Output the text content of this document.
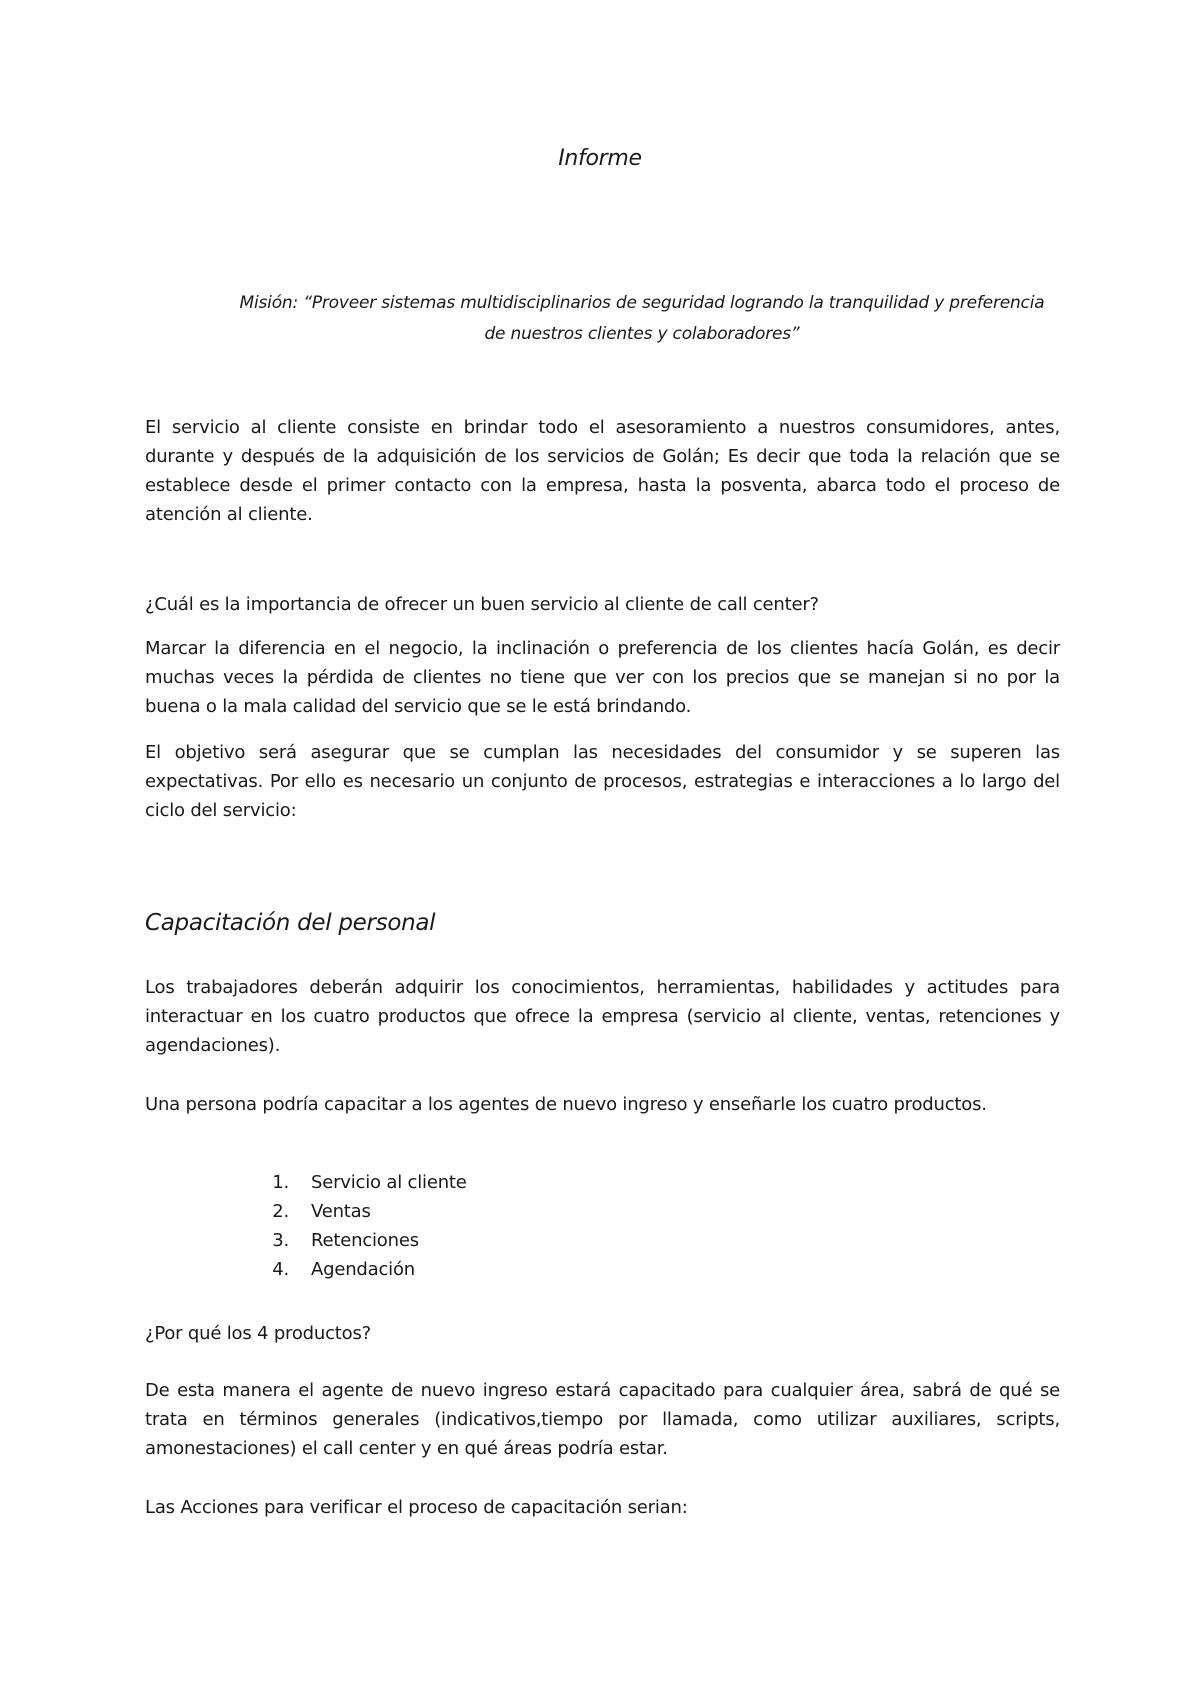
Informe
Misión: “Proveer sistemas multidisciplinarios de seguridad logrando la tranquilidad y preferencia de nuestros clientes y colaboradores”

El servicio al cliente consiste en brindar todo el asesoramiento a nuestros consumidores, antes, durante y después de la adquisición de los servicios de Golán; Es decir que toda la relación que se establece desde el primer contacto con la empresa, hasta la posventa, abarca todo el proceso de atención al cliente.

¿Cuál es la importancia de ofrecer un buen servicio al cliente de call center?

Marcar la diferencia en el negocio, la inclinación o preferencia de los clientes hacía Golán, es decir muchas veces la pérdida de clientes no tiene que ver con los precios que se manejan si no por la buena o la mala calidad del servicio que se le está brindando.

El objetivo será asegurar que se cumplan las necesidades del consumidor y se superen las expectativas. Por ello es necesario un conjunto de procesos, estrategias e interacciones a lo largo del ciclo del servicio:

Capacitación del personal

Los trabajadores deberán adquirir los conocimientos, herramientas, habilidades y actitudes para interactuar en los cuatro productos que ofrece la empresa (servicio al cliente, ventas, retenciones y agendaciones).

Una persona podría capacitar a los agentes de nuevo ingreso y enseñarle los cuatro productos.

1.	Servicio al cliente
2.	Ventas
3.	Retenciones
4.	Agendación

¿Por qué los 4 productos?

De esta manera el agente de nuevo ingreso estará capacitado para cualquier área, sabrá de qué se trata en términos generales (indicativos,tiempo por llamada, como utilizar auxiliares, scripts, amonestaciones) el call center y en qué áreas podría estar.

Las Acciones para verificar el proceso de capacitación serian:
